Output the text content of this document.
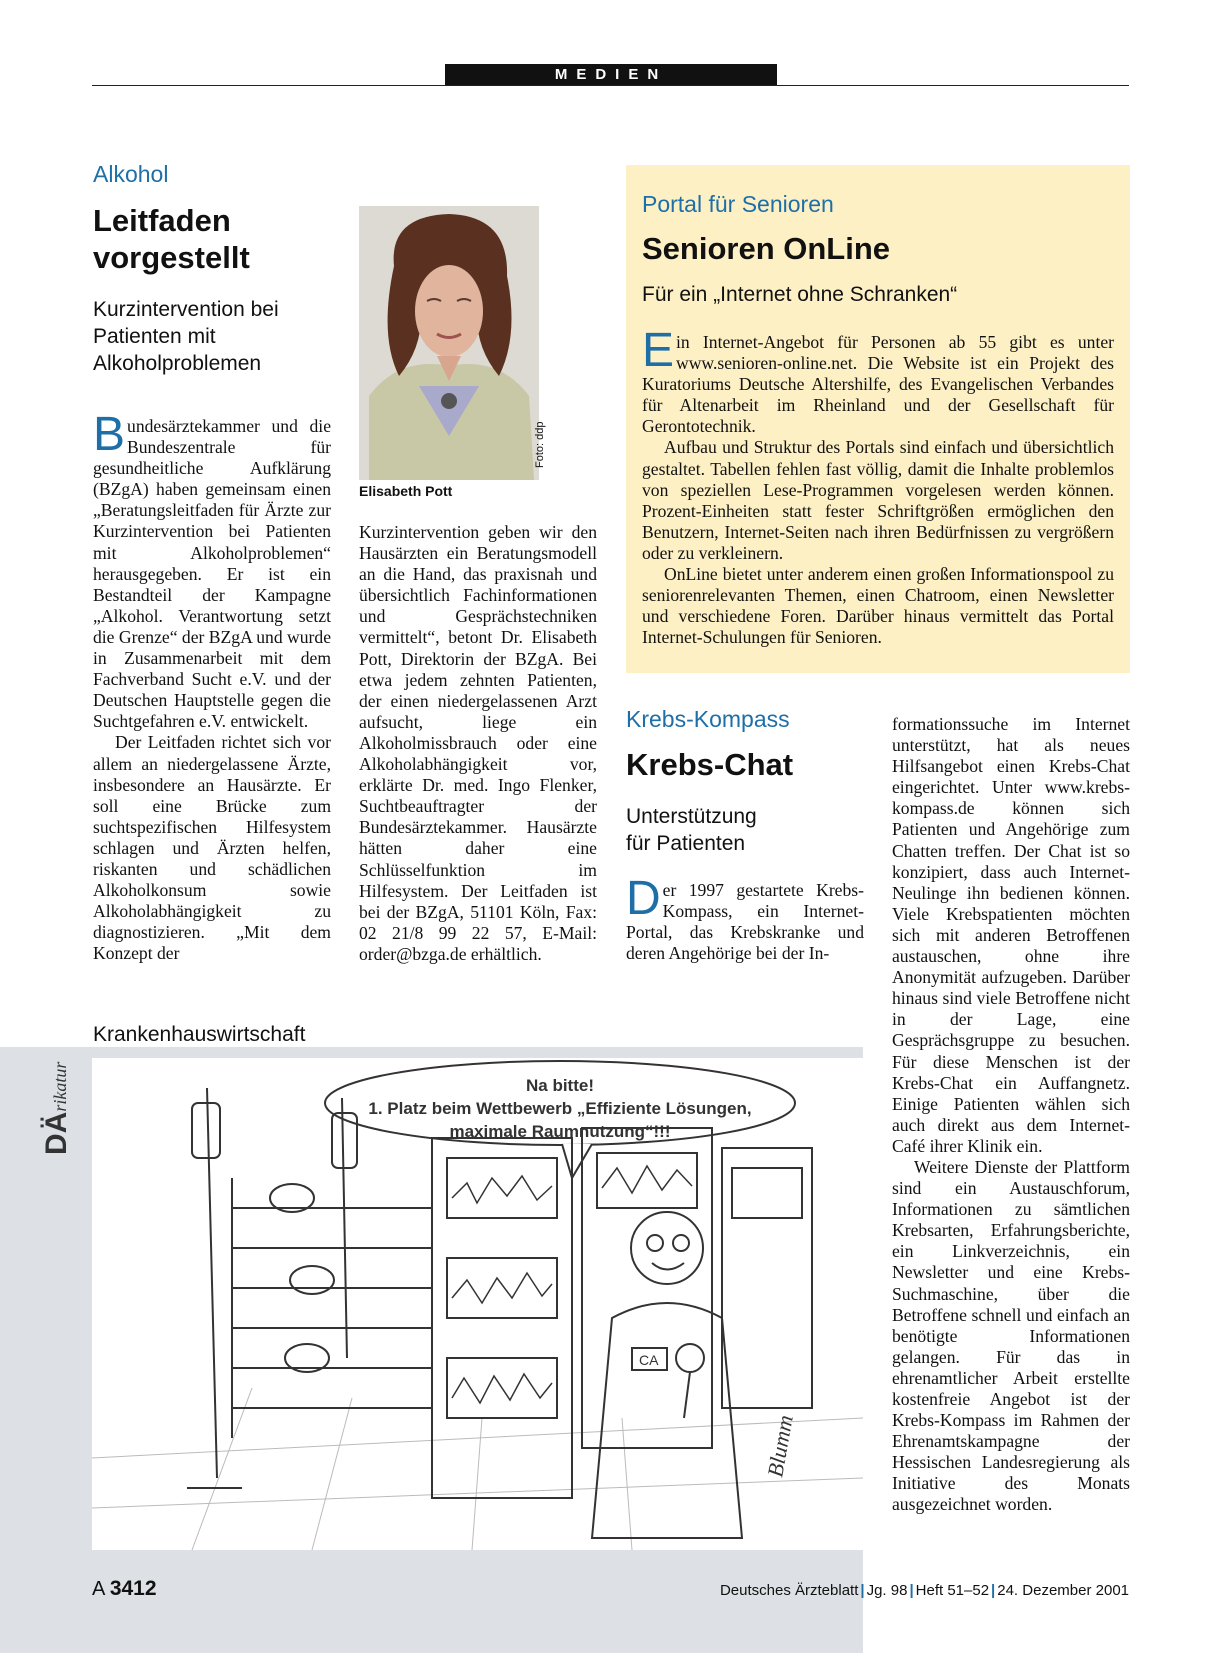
MEDIEN
Alkohol
Leitfaden vorgestellt
Kurzintervention bei Patienten mit Alkoholproblemen

Bundesärztekammer und die Bundeszentrale für gesundheitliche Aufklärung (BZgA) haben gemeinsam einen „Beratungsleitfaden für Ärzte zur Kurzintervention bei Patienten mit Alkoholproblemen“ herausgegeben. Er ist ein Bestandteil der Kampagne „Alkohol. Verantwortung setzt die Grenze“ der BZgA und wurde in Zusammenarbeit mit dem Fachverband Sucht e.V. und der Deutschen Hauptstelle gegen die Suchtgefahren e.V. entwickelt.

Der Leitfaden richtet sich vor allem an niedergelassene Ärzte, insbesondere an Hausärzte. Er soll eine Brücke zum suchtspezifischen Hilfesystem schlagen und Ärzten helfen, riskanten und schädlichen Alkoholkonsum sowie Alkoholabhängigkeit zu diagnostizieren. „Mit dem Konzept der

Foto: ddp
Elisabeth Pott

Kurzintervention geben wir den Hausärzten ein Beratungsmodell an die Hand, das praxisnah und übersichtlich Fachinformationen und Gesprächstechniken vermittelt“, betont Dr. Elisabeth Pott, Direktorin der BZgA. Bei etwa jedem zehnten Patienten, der einen niedergelassenen Arzt aufsucht, liege ein Alkoholmissbrauch oder eine Alkoholabhängigkeit vor, erklärte Dr. med. Ingo Flenker, Suchtbeauftragter der Bundesärztekammer. Hausärzte hätten daher eine Schlüsselfunktion im Hilfesystem. Der Leitfaden ist bei der BZgA, 51101 Köln, Fax: 02 21/8 99 22 57, E-Mail: order@bzga.de erhältlich.

Portal für Senioren
Senioren OnLine
Für ein „Internet ohne Schranken“

Ein Internet-Angebot für Personen ab 55 gibt es unter www.senioren-online.net. Die Website ist ein Projekt des Kuratoriums Deutsche Altershilfe, des Evangelischen Verbandes für Altenarbeit im Rheinland und der Gesellschaft für Gerontotechnik.

Aufbau und Struktur des Portals sind einfach und übersichtlich gestaltet. Tabellen fehlen fast völlig, damit die Inhalte problemlos von speziellen Lese-Programmen vorgelesen werden können. Prozent-Einheiten statt fester Schriftgrößen ermöglichen den Benutzern, Internet-Seiten nach ihren Bedürfnissen zu vergrößern oder zu verkleinern.

OnLine bietet unter anderem einen großen Informationspool zu seniorenrelevanten Themen, einen Chatroom, einen Newsletter und verschiedene Foren. Darüber hinaus vermittelt das Portal Internet-Schulungen für Senioren.

Krebs-Kompass
Krebs-Chat
Unterstützung für Patienten

Der 1997 gestartete Krebs-Kompass, ein Internet-Portal, das Krebskranke und deren Angehörige bei der In-

formationssuche im Internet unterstützt, hat als neues Hilfsangebot einen Krebs-Chat eingerichtet. Unter www.krebs-kompass.de können sich Patienten und Angehörige zum Chatten treffen. Der Chat ist so konzipiert, dass auch Internet-Neulinge ihn bedienen können. Viele Krebspatienten möchten sich mit anderen Betroffenen austauschen, ohne ihre Anonymität aufzugeben. Darüber hinaus sind viele Betroffene nicht in der Lage, eine Gesprächsgruppe zu besuchen. Für diese Menschen ist der Krebs-Chat ein Auffangnetz. Einige Patienten wählen sich auch direkt aus dem Internet-Café ihrer Klinik ein.

Weitere Dienste der Plattform sind ein Austauschforum, Informationen zu sämtlichen Krebsarten, Erfahrungsberichte, ein Linkverzeichnis, ein Newsletter und eine Krebs-Suchmaschine, über die Betroffene schnell und einfach an benötigte Informationen gelangen. Für das in ehrenamtlicher Arbeit erstellte kostenfreie Angebot ist der Krebs-Kompass im Rahmen der Ehrenamtskampagne der Hessischen Landesregierung als Initiative des Monats ausgezeichnet worden.

Krankenhauswirtschaft
DÄrikatur	Na bitte!
1. Platz beim Wettbewerb „Effiziente Lösungen,
maximale Raumnutzung“!!!
CA
Blumm
A 3412	Deutsches Ärzteblatt | Jg. 98 | Heft 51–52 | 24. Dezember 2001
